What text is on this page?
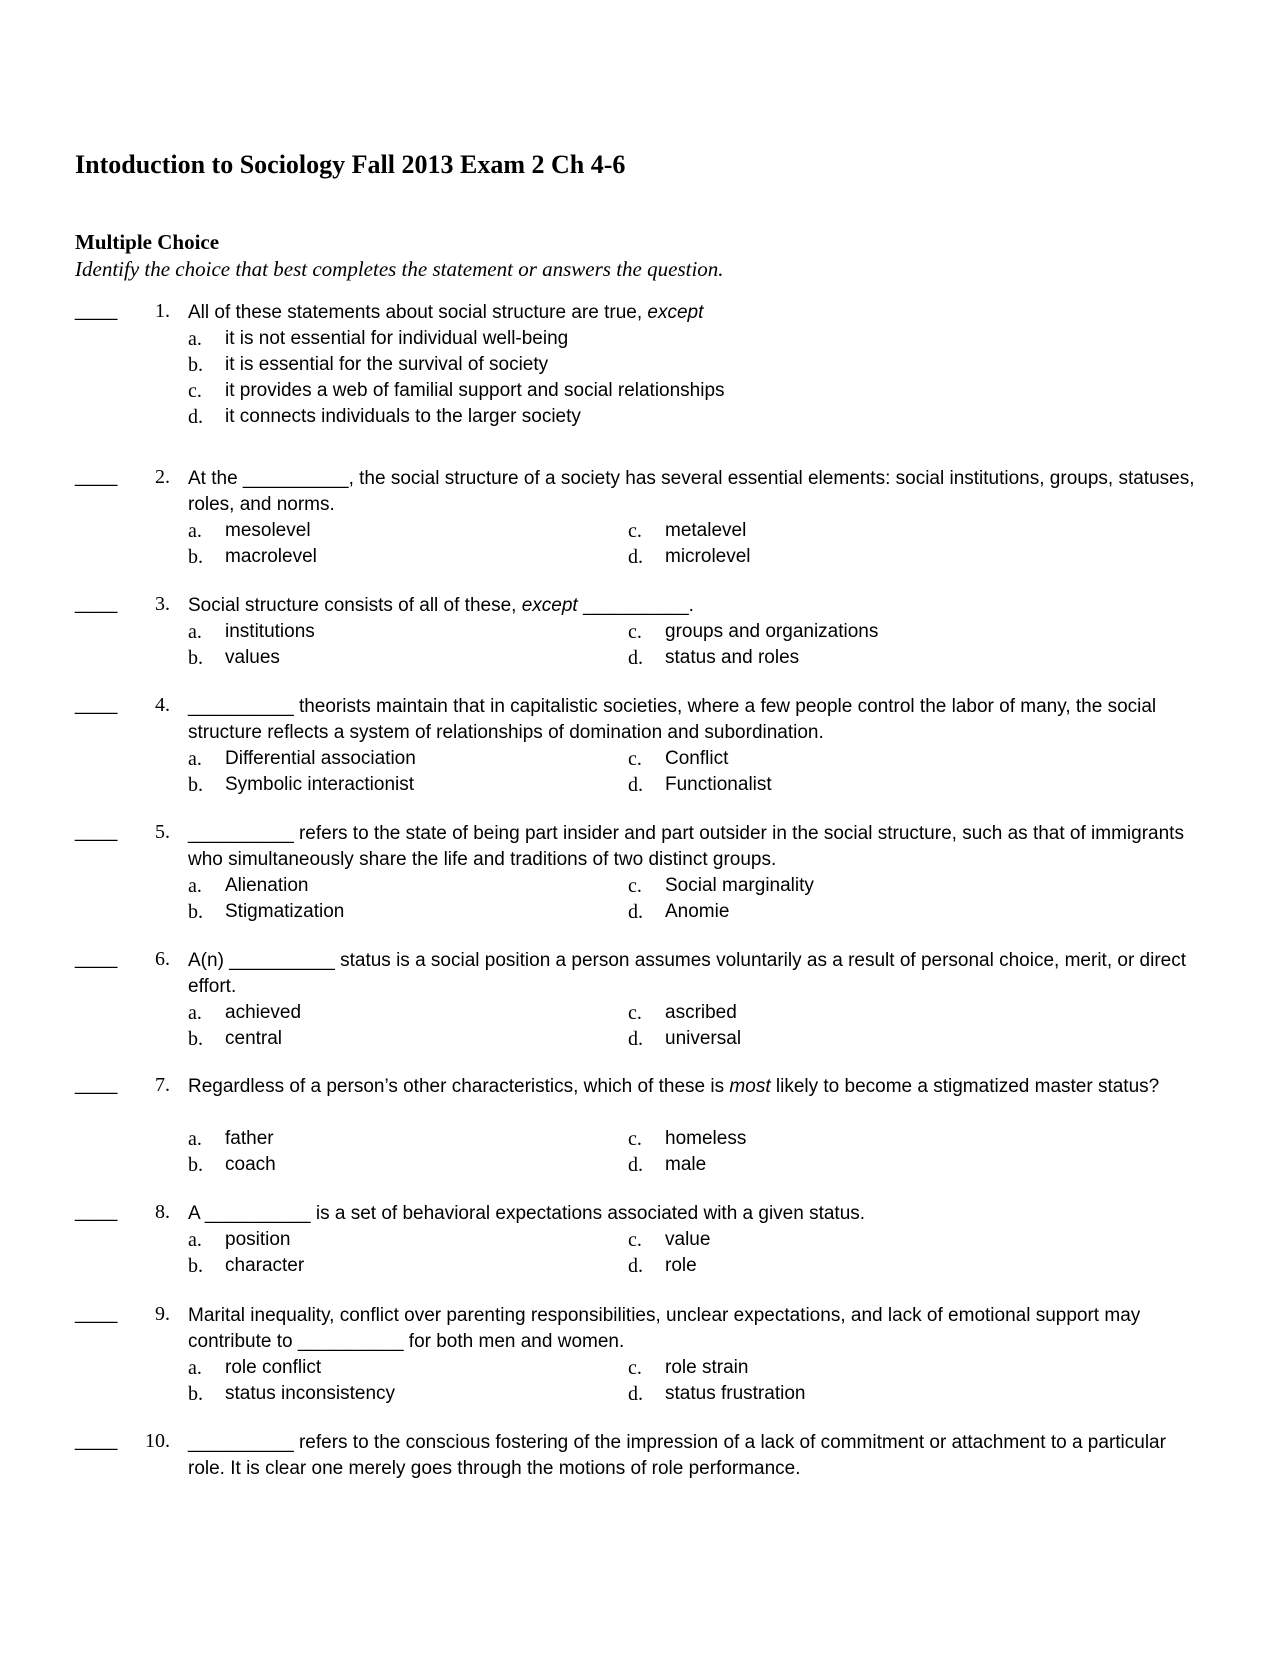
Intoduction to Sociology Fall 2013 Exam 2 Ch 4-6
Multiple Choice
Identify the choice that best completes the statement or answers the question.
____	1. All of these statements about social structure are true, except
a. it is not essential for individual well-being
b. it is essential for the survival of society
c. it provides a web of familial support and social relationships
d. it connects individuals to the larger society
____	2. At the __________, the social structure of a society has several essential elements: social institutions, groups, statuses, roles, and norms.
a. mesolevel
b. macrolevel
c. metalevel
d. microlevel
____	3. Social structure consists of all of these, except __________.
a. institutions
b. values
c. groups and organizations
d. status and roles
____	4. __________ theorists maintain that in capitalistic societies, where a few people control the labor of many, the social structure reflects a system of relationships of domination and subordination.
a. Differential association
b. Symbolic interactionist
c. Conflict
d. Functionalist
____	5. __________ refers to the state of being part insider and part outsider in the social structure, such as that of immigrants who simultaneously share the life and traditions of two distinct groups.
a. Alienation
b. Stigmatization
c. Social marginality
d. Anomie
____	6. A(n) __________ status is a social position a person assumes voluntarily as a result of personal choice, merit, or direct effort.
a. achieved
b. central
c. ascribed
d. universal
____	7. Regardless of a person’s other characteristics, which of these is most likely to become a stigmatized master status?
a. father
b. coach
c. homeless
d. male
____	8. A __________ is a set of behavioral expectations associated with a given status.
a. position
b. character
c. value
d. role
____	9. Marital inequality, conflict over parenting responsibilities, unclear expectations, and lack of emotional support may contribute to __________ for both men and women.
a. role conflict
b. status inconsistency
c. role strain
d. status frustration
____	10. __________ refers to the conscious fostering of the impression of a lack of commitment or attachment to a particular role. It is clear one merely goes through the motions of role performance.
